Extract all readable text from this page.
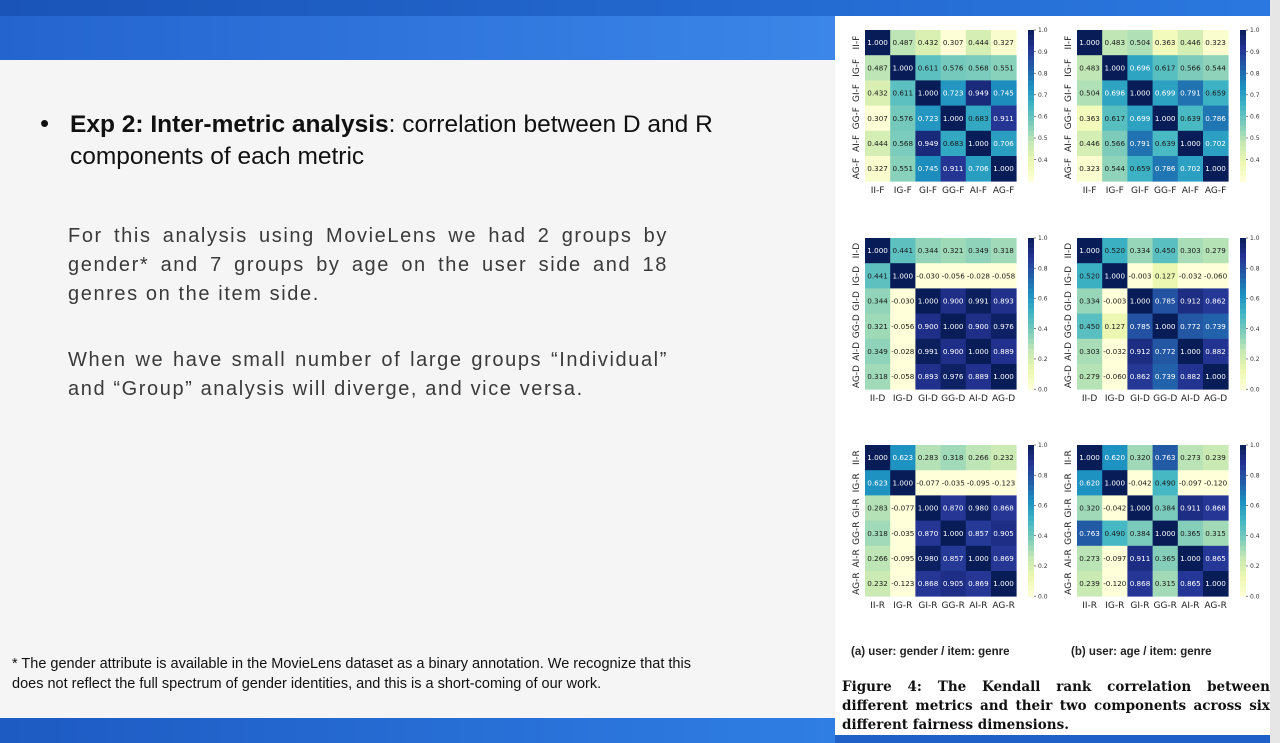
• Exp 2: Inter-metric analysis: correlation between D and R components of each metric
For this analysis using MovieLens we had 2 groups by gender* and 7 groups by age on the user side and 18 genres on the item side.
When we have small number of large groups “Individual” and “Group” analysis will diverge, and vice versa.
* The gender attribute is available in the MovieLens dataset as a binary annotation. We recognize that this does not reflect the full spectrum of gender identities, and this is a short-coming of our work.
1.000 0.487 0.432 0.307 0.444 0.327
0.487 1.000 0.611 0.576 0.568 0.551
0.432 0.611 1.000 0.723 0.949 0.745
0.307 0.576 0.723 1.000 0.683 0.911
0.444 0.568 0.949 0.683 1.000 0.706
0.327 0.551 0.745 0.911 0.706 1.000
II-F
II-F
IG-F
IG-F
GI-F
GI-F
GG-F
GG-F
AI-F
AI-F
AG-F
AG-F
0.4
0.5
0.6
0.7
0.8
0.9
1.0
1.000 0.483 0.504 0.363 0.446 0.323
0.483 1.000 0.696 0.617 0.566 0.544
0.504 0.696 1.000 0.699 0.791 0.659
0.363 0.617 0.699 1.000 0.639 0.786
0.446 0.566 0.791 0.639 1.000 0.702
0.323 0.544 0.659 0.786 0.702 1.000
II-F
II-F
IG-F
IG-F
GI-F
GI-F
GG-F
GG-F
AI-F
AI-F
AG-F
AG-F
0.4
0.5
0.6
0.7
0.8
0.9
1.0
1.000 0.441 0.344 0.321 0.349 0.318
0.441 1.000 -0.030 -0.056 -0.028 -0.058
0.344 -0.030 1.000 0.900 0.991 0.893
0.321 -0.056 0.900 1.000 0.900 0.976
0.349 -0.028 0.991 0.900 1.000 0.889
0.318 -0.058 0.893 0.976 0.889 1.000
II-D
II-D
IG-D
IG-D
GI-D
GI-D
GG-D
GG-D
AI-D
AI-D
AG-D
AG-D
0.0
0.2
0.4
0.6
0.8
1.0
1.000 0.520 0.334 0.450 0.303 0.279
0.520 1.000 -0.003 0.127 -0.032 -0.060
0.334 -0.003 1.000 0.785 0.912 0.862
0.450 0.127 0.785 1.000 0.772 0.739
0.303 -0.032 0.912 0.772 1.000 0.882
0.279 -0.060 0.862 0.739 0.882 1.000
II-D
II-D
IG-D
IG-D
GI-D
GI-D
GG-D
GG-D
AI-D
AI-D
AG-D
AG-D
0.0
0.2
0.4
0.6
0.8
1.0
1.000 0.623 0.283 0.318 0.266 0.232
0.623 1.000 -0.077 -0.035 -0.095 -0.123
0.283 -0.077 1.000 0.870 0.980 0.868
0.318 -0.035 0.870 1.000 0.857 0.905
0.266 -0.095 0.980 0.857 1.000 0.869
0.232 -0.123 0.868 0.905 0.869 1.000
II-R
II-R
IG-R
IG-R
GI-R
GI-R
GG-R
GG-R
AI-R
AI-R
AG-R
AG-R
0.0
0.2
0.4
0.6
0.8
1.0
1.000 0.620 0.320 0.763 0.273 0.239
0.620 1.000 -0.042 0.490 -0.097 -0.120
0.320 -0.042 1.000 0.384 0.911 0.868
0.763 0.490 0.384 1.000 0.365 0.315
0.273 -0.097 0.911 0.365 1.000 0.865
0.239 -0.120 0.868 0.315 0.865 1.000
II-R
II-R
IG-R
IG-R
GI-R
GI-R
GG-R
GG-R
AI-R
AI-R
AG-R
AG-R
0.0
0.2
0.4
0.6
0.8
1.0
(a) user: gender / item: genre	(b) user: age / item: genre
Figure 4: The Kendall rank correlation between different metrics and their two components across six different fairness dimensions.
